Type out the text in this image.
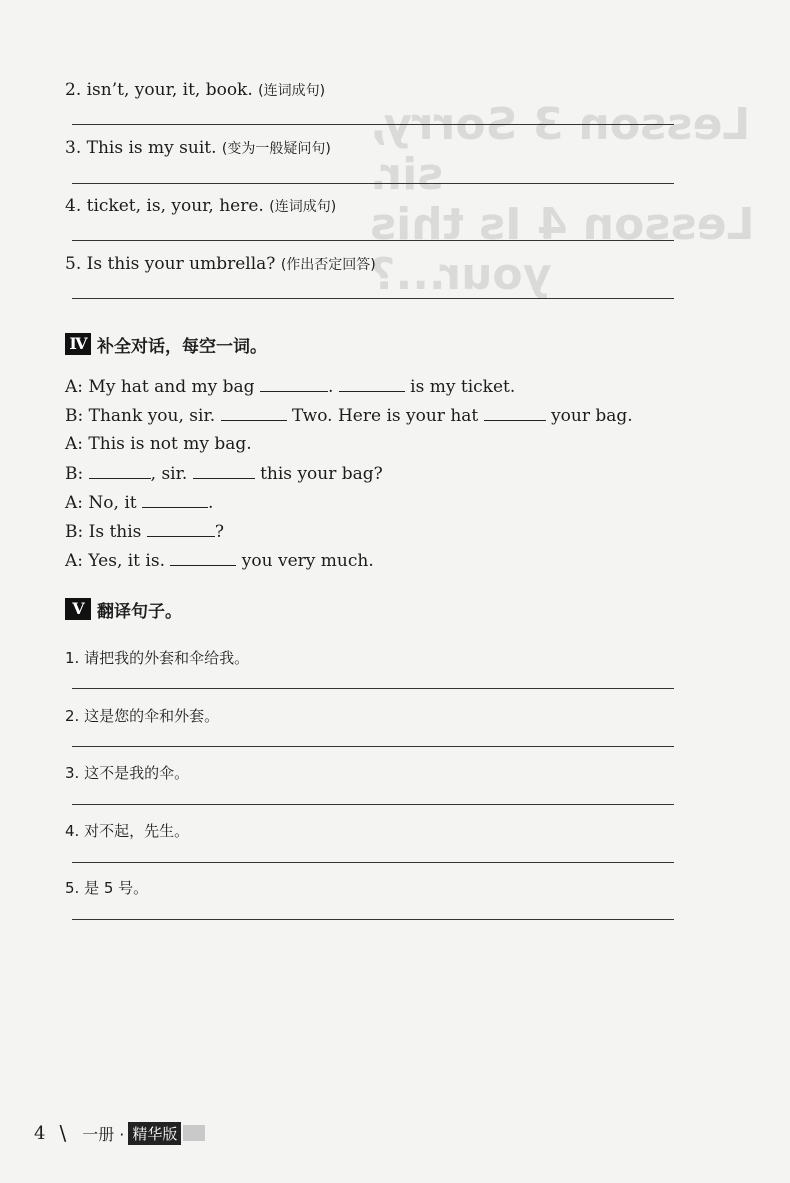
Lesson 3 Sorry, sir.
Lesson 4 Is this your...?
2. isn’t, your, it, book. (连词成句)
3. This is my suit. (变为一般疑问句)
4. ticket, is, your, here. (连词成句)
5. Is this your umbrella? (作出否定回答)
Ⅳ 补全对话，每空一词。
A: My hat and my bag	.	is my ticket.
B: Thank you, sir.	Two. Here is your hat	your bag.
A: This is not my bag.
B:	, sir.	this your bag?
A: No, it	.
B: Is this	?
A: Yes, it is.	you very much.
Ⅴ 翻译句子。
1. 请把我的外套和伞给我。
2. 这是您的伞和外套。
3. 这不是我的伞。
4. 对不起，先生。
5. 是 5 号。
4 \ 一册 · 精华版
